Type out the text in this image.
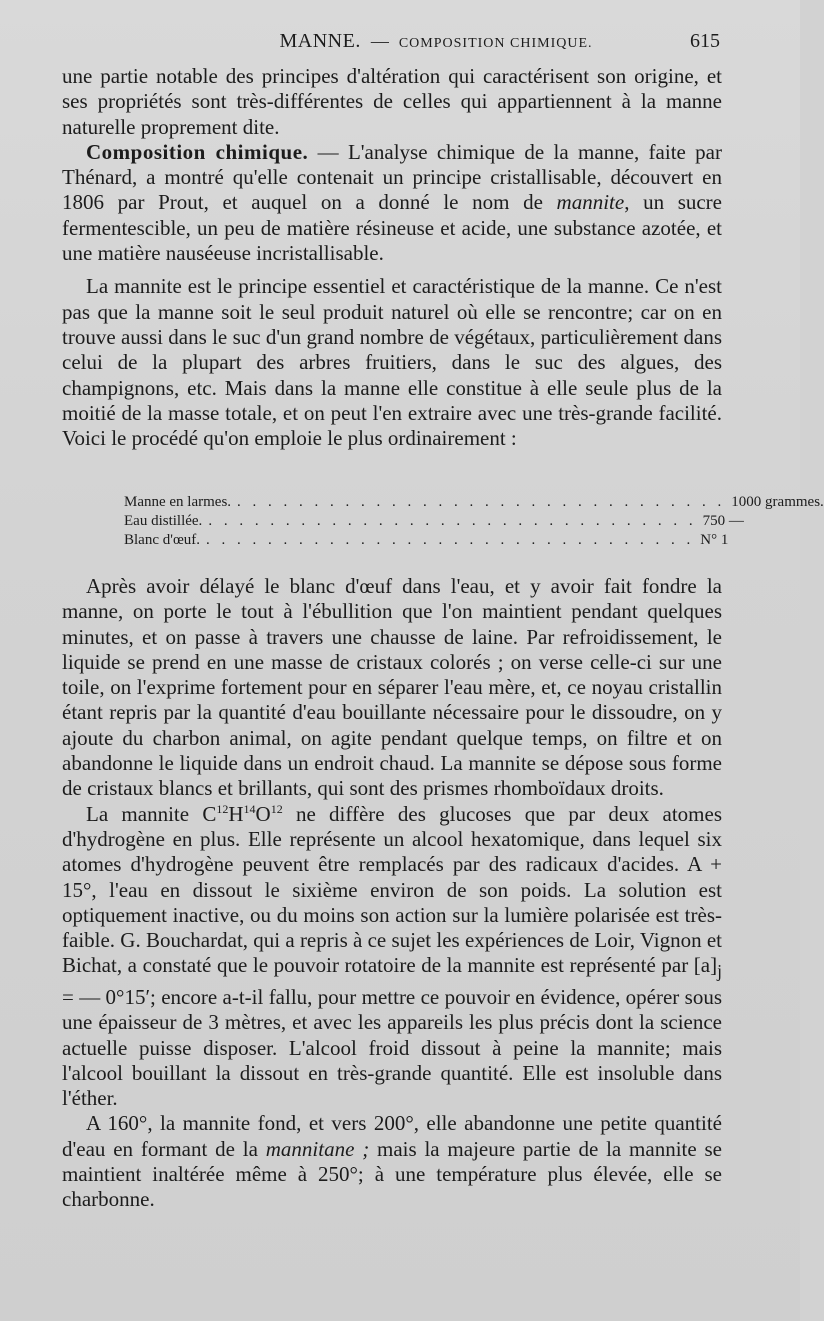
MANNE. — COMPOSITION CHIMIQUE.	615

une partie notable des principes d'altération qui caractérisent son origine, et ses propriétés sont très-différentes de celles qui appartiennent à la manne naturelle proprement dite.

Composition chimique. — L'analyse chimique de la manne, faite par Thénard, a montré qu'elle contenait un principe cristallisable, découvert en 1806 par Prout, et auquel on a donné le nom de mannite, un sucre fermentescible, un peu de matière résineuse et acide, une substance azotée, et une matière nauséeuse incristallisable.

La mannite est le principe essentiel et caractéristique de la manne. Ce n'est pas que la manne soit le seul produit naturel où elle se rencontre; car on en trouve aussi dans le suc d'un grand nombre de végétaux, particulièrement dans celui de la plupart des arbres fruitiers, dans le suc des algues, des champignons, etc. Mais dans la manne elle constitue à elle seule plus de la moitié de la masse totale, et on peut l'en extraire avec une très-grande facilité. Voici le procédé qu'on emploie le plus ordinairement :

Manne en larmes. . . . . . . . . . . . . . . . . . . . . . . . . . . . . . . . . 1000 grammes.
Eau distillée. . . . . . . . . . . . . . . . . . . . . . . . . . . . . . . . . 750 —
Blanc d'œuf. . . . . . . . . . . . . . . . . . . . . . . . . . . . . . . . . N° 1

Après avoir délayé le blanc d'œuf dans l'eau, et y avoir fait fondre la manne, on porte le tout à l'ébullition que l'on maintient pendant quelques minutes, et on passe à travers une chausse de laine. Par refroidissement, le liquide se prend en une masse de cristaux colorés ; on verse celle-ci sur une toile, on l'exprime fortement pour en séparer l'eau mère, et, ce noyau cristallin étant repris par la quantité d'eau bouillante nécessaire pour le dissoudre, on y ajoute du charbon animal, on agite pendant quelque temps, on filtre et on abandonne le liquide dans un endroit chaud. La mannite se dépose sous forme de cristaux blancs et brillants, qui sont des prismes rhomboïdaux droits.

La mannite $C^{12}H^{14}O^{12}$ ne diffère des glucoses que par deux atomes d'hydrogène en plus. Elle représente un alcool hexatomique, dans lequel six atomes d'hydrogène peuvent être remplacés par des radicaux d'acides. A + 15°, l'eau en dissout le sixième environ de son poids. La solution est optiquement inactive, ou du moins son action sur la lumière polarisée est très-faible. G. Bouchardat, qui a repris à ce sujet les expériences de Loir, Vignon et Bichat, a constaté que le pouvoir rotatoire de la mannite est représenté par $[a]_j$ = — 0°15′; encore a-t-il fallu, pour mettre ce pouvoir en évidence, opérer sous une épaisseur de 3 mètres, et avec les appareils les plus précis dont la science actuelle puisse disposer. L'alcool froid dissout à peine la mannite; mais l'alcool bouillant la dissout en très-grande quantité. Elle est insoluble dans l'éther.

A 160°, la mannite fond, et vers 200°, elle abandonne une petite quantité d'eau en formant de la mannitane ; mais la majeure partie de la mannite se maintient inaltérée même à 250°; à une température plus élevée, elle se charbonne.
